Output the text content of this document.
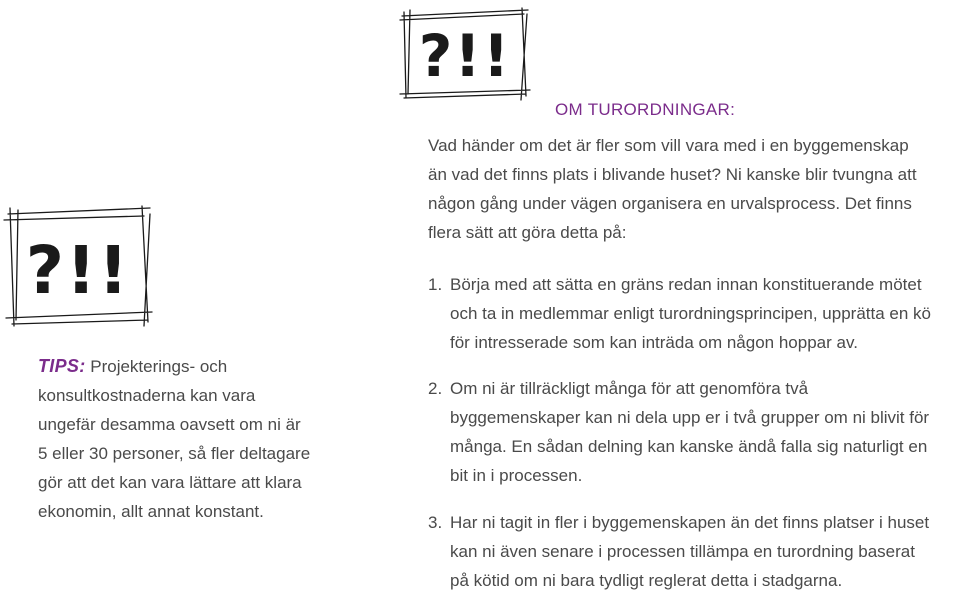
?!!
?!!
OM TURORDNINGAR:
Vad händer om det är fler som vill vara med i en byggemenskap
än vad det finns plats i blivande huset? Ni kanske blir tvungna att
någon gång under vägen organisera en urvalsprocess. Det finns
flera sätt att göra detta på:
1. Börja med att sätta en gräns redan innan konstituerande mötet
och ta in medlemmar enligt turordningsprincipen, upprätta en kö
för intresserade som kan inträda om någon hoppar av.
2. Om ni är tillräckligt många för att genomföra två
byggemenskaper kan ni dela upp er i två grupper om ni blivit för
många. En sådan delning kan kanske ändå falla sig naturligt en
bit in i processen.
3. Har ni tagit in fler i byggemenskapen än det finns platser i huset
kan ni även senare i processen tillämpa en turordning baserat
på kötid om ni bara tydligt reglerat detta i stadgarna.
TIPS: Projekterings- och
konsultkostnaderna kan vara
ungefär desamma oavsett om ni är
5 eller 30 personer, så fler deltagare
gör att det kan vara lättare att klara
ekonomin, allt annat konstant.
